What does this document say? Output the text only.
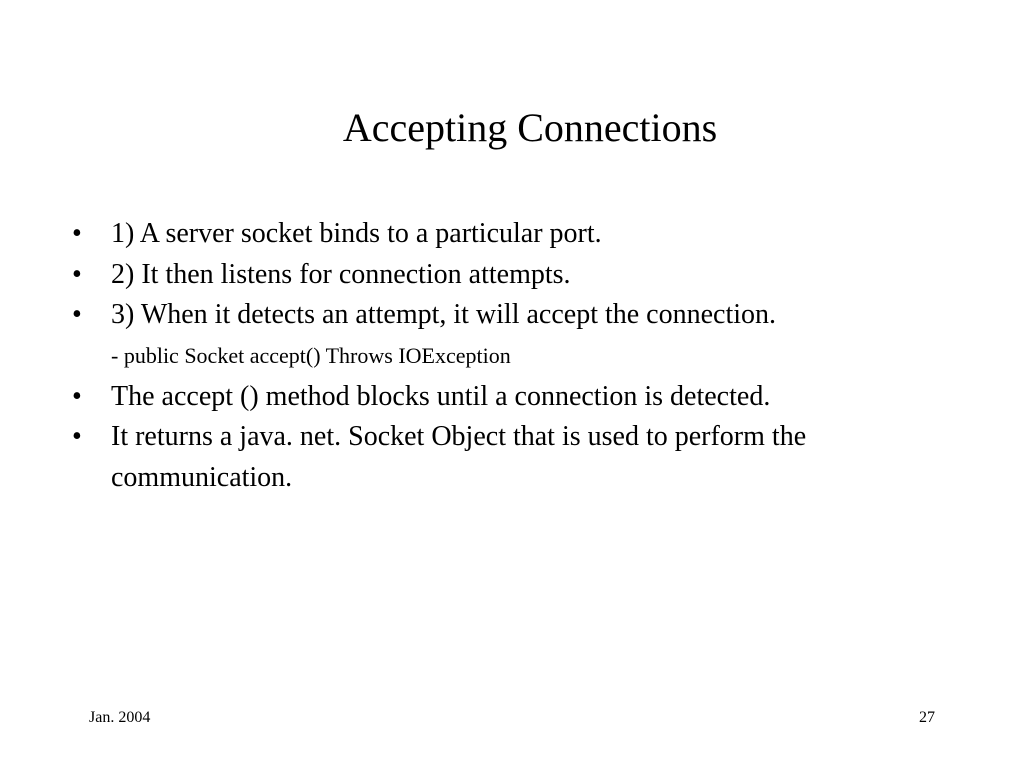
Accepting Connections
•	1) A server socket binds to a particular port.
•	2) It then listens for connection attempts.
•	3) When it detects an attempt, it will accept the connection.
- public Socket accept() Throws IOException
•	The accept () method blocks until a connection is detected.
•	It returns a java. net. Socket Object that is used to perform the communication.
Jan. 2004	27
